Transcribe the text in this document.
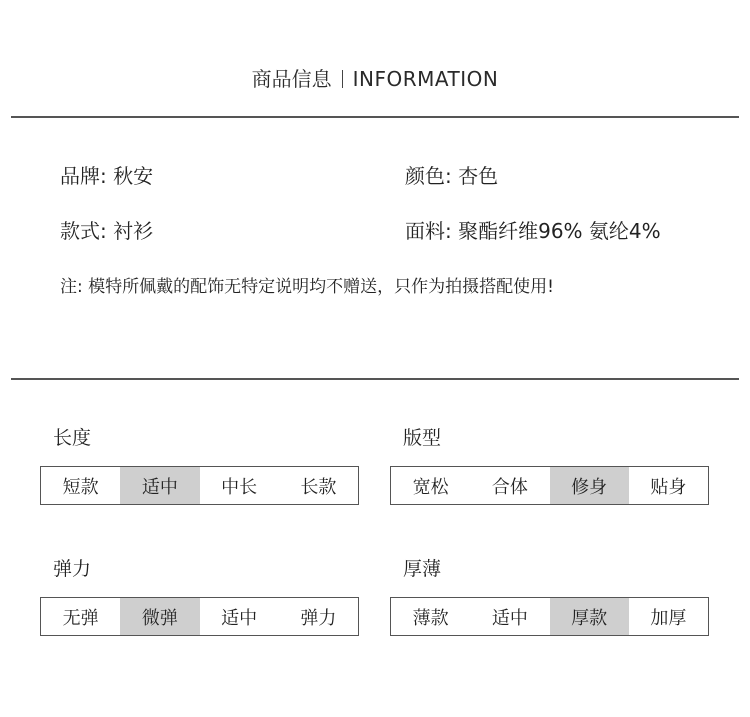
商品信息 INFORMATION
品牌: 秋安	颜色: 杏色
款式: 衬衫	面料: 聚酯纤维96% 氨纶4%
注: 模特所佩戴的配饰无特定说明均不赠送，只作为拍摄搭配使用!
长度
短款	适中	中长	长款
版型
宽松	合体	修身	贴身
弹力
无弹	微弹	适中	弹力
厚薄
薄款	适中	厚款	加厚
